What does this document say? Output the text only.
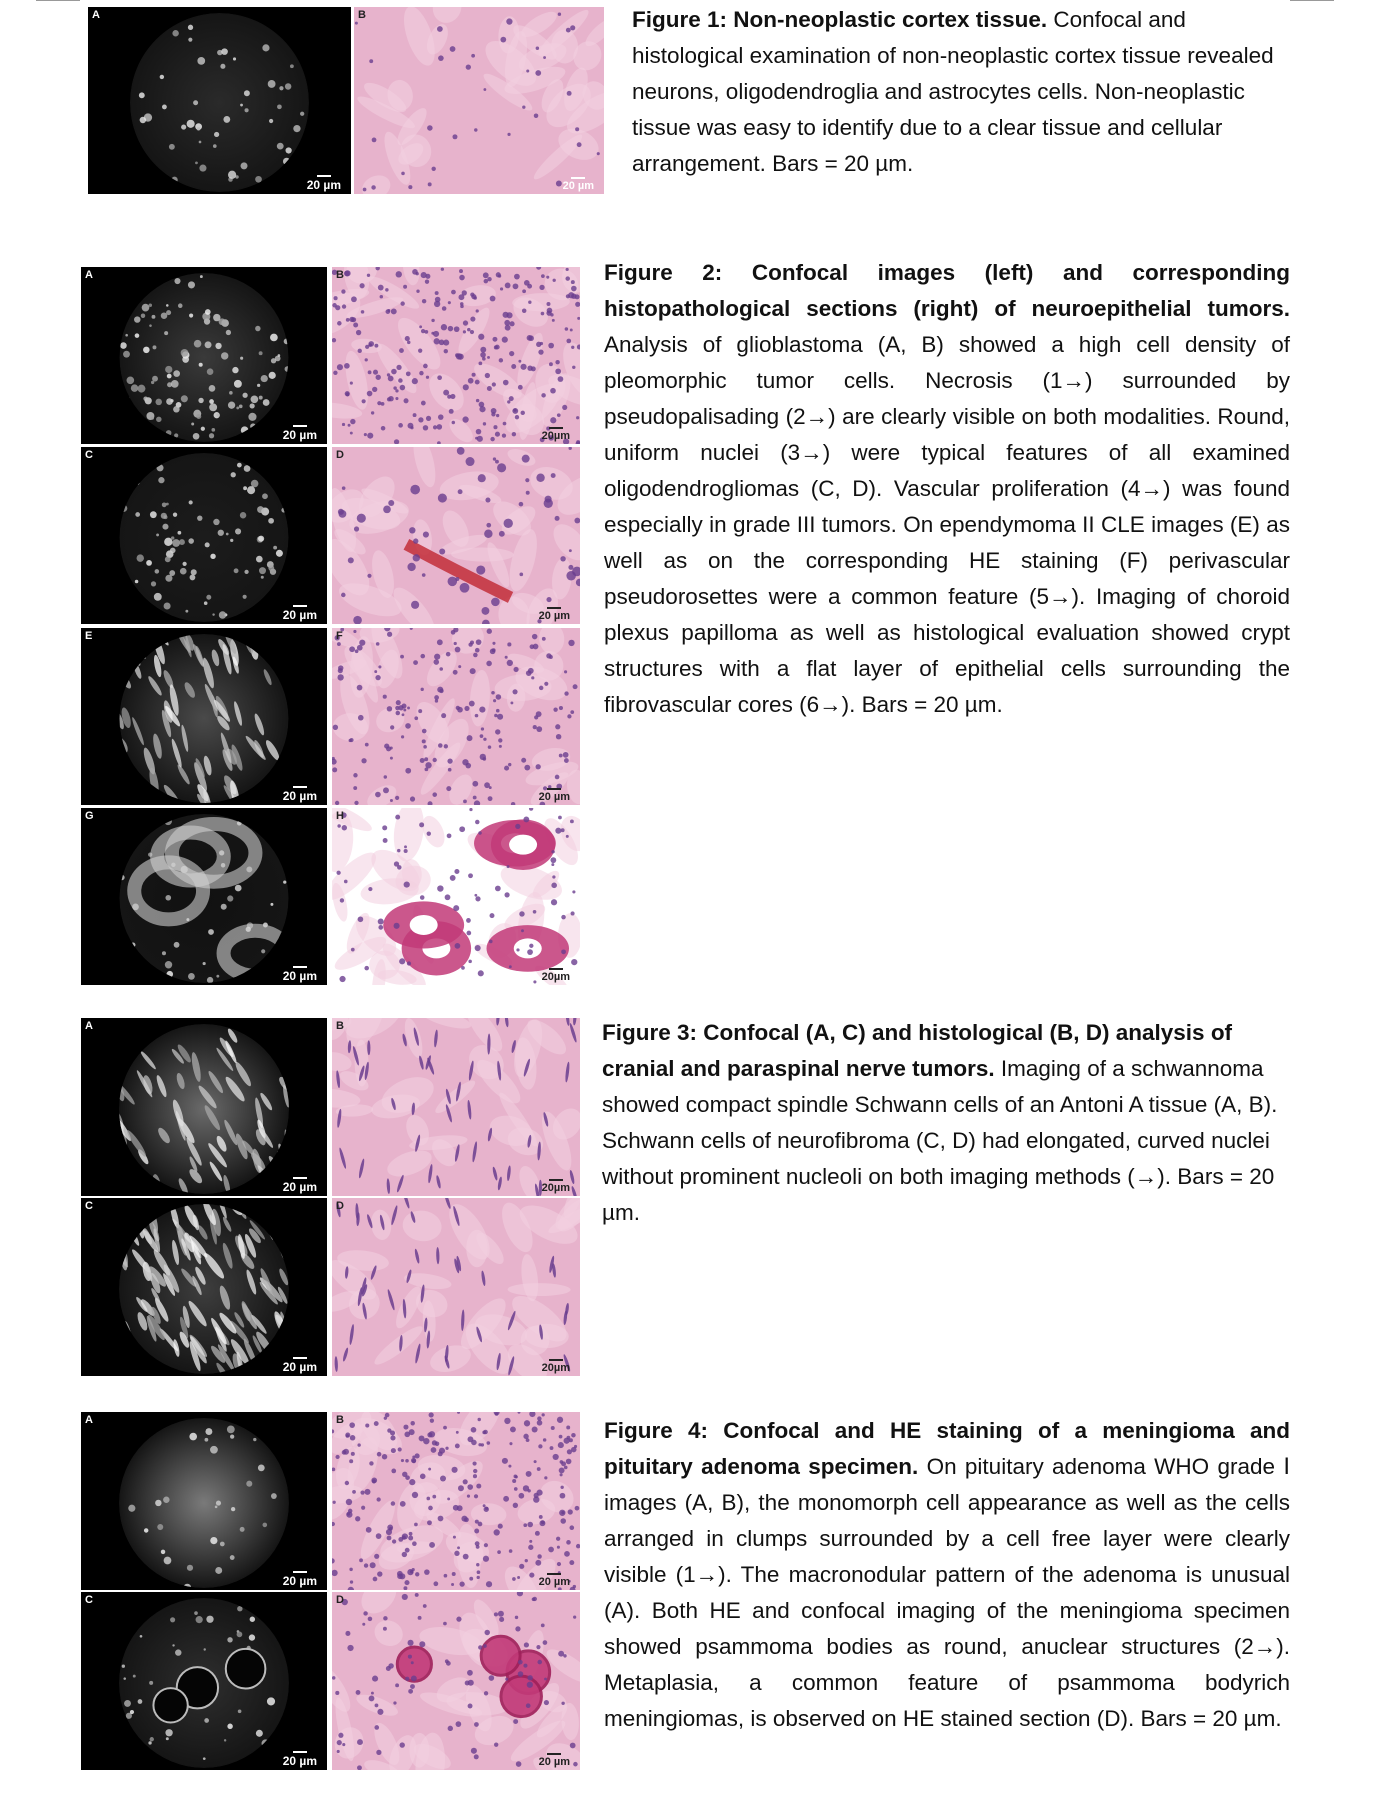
A
20 µm
B
20 µm
Figure 1: Non-neoplastic cortex tissue. Confocal and histological examination of non-neoplastic cortex tissue revealed neurons, oligodendroglia and astrocytes cells. Non-neoplastic tissue was easy to identify due to a clear tissue and cellular arrangement. Bars = 20 µm.
A
20 µm
B
20µm
C
20 µm
D
20 µm
E
20 µm
F
20 µm
G
20 µm
H
20µm
Figure 2: Confocal images (left) and corresponding histopathological sections (right) of neuroepithelial tumors. Analysis of glioblastoma (A, B) showed a high cell density of pleomorphic tumor cells. Necrosis (1→) surrounded by pseudopalisading (2→) are clearly visible on both modalities. Round, uniform nuclei (3→) were typical features of all examined oligodendrogliomas (C, D). Vascular proliferation (4→) was found especially in grade III tumors. On ependymoma II CLE images (E) as well as on the corresponding HE staining (F) perivascular pseudorosettes were a common feature (5→). Imaging of choroid plexus papilloma as well as histological evaluation showed crypt structures with a flat layer of epithelial cells surrounding the fibrovascular cores (6→). Bars = 20 µm.
A
20 µm
B
20µm
C
20 µm
D
20µm
Figure 3: Confocal (A, C) and histological (B, D) analysis of cranial and paraspinal nerve tumors. Imaging of a schwannoma showed compact spindle Schwann cells of an Antoni A tissue (A, B). Schwann cells of neurofibroma (C, D) had elongated, curved nuclei without prominent nucleoli on both imaging methods (→). Bars = 20 µm.
A
20 µm
B
20 µm
C
20 µm
D
20 µm
Figure 4: Confocal and HE staining of a meningioma and pituitary adenoma specimen. On pituitary adenoma WHO grade Ⅰ images (A, B), the monomorph cell appearance as well as the cells arranged in clumps surrounded by a cell free layer were clearly visible (1→). The macronodular pattern of the adenoma is unusual (A). Both HE and confocal imaging of the meningioma specimen showed psammoma bodies as round, anuclear structures (2→). Metaplasia, a common feature of psammoma bodyrich meningiomas, is observed on HE stained section (D). Bars = 20 µm.
